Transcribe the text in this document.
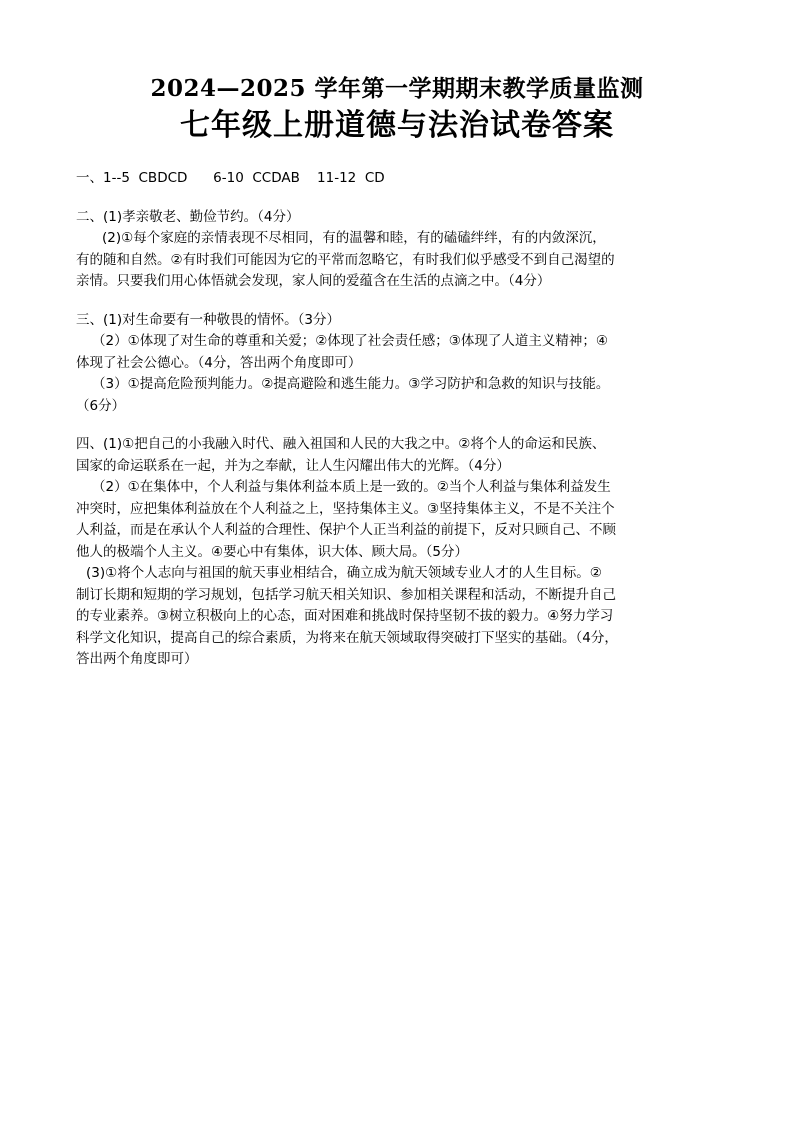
2024—2025 学年第一学期期末教学质量监测
七年级上册道德与法治试卷答案
一、1--5  CBDCD      6-10  CCDAB    11-12  CD
二、(1)孝亲敬老、勤俭节约。（4分）
(2)①每个家庭的亲情表现不尽相同，有的温馨和睦，有的磕磕绊绊，有的内敛深沉，
有的随和自然。②有时我们可能因为它的平常而忽略它，有时我们似乎感受不到自己渴望的
亲情。只要我们用心体悟就会发现，家人间的爱蕴含在生活的点滴之中。（4分）
三、(1)对生命要有一种敬畏的情怀。（3分）
（2）①体现了对生命的尊重和关爱；②体现了社会责任感；③体现了人道主义精神；④
体现了社会公德心。（4分，答出两个角度即可）
（3）①提高危险预判能力。②提高避险和逃生能力。③学习防护和急救的知识与技能。
（6分）
四、(1)①把自己的小我融入时代、融入祖国和人民的大我之中。②将个人的命运和民族、
国家的命运联系在一起，并为之奉献，让人生闪耀出伟大的光辉。（4分）
（2）①在集体中，个人利益与集体利益本质上是一致的。②当个人利益与集体利益发生
冲突时，应把集体利益放在个人利益之上，坚持集体主义。③坚持集体主义，不是不关注个
人利益，而是在承认个人利益的合理性、保护个人正当利益的前提下，反对只顾自己、不顾
他人的极端个人主义。④要心中有集体，识大体、顾大局。（5分）
(3)①将个人志向与祖国的航天事业相结合，确立成为航天领域专业人才的人生目标。②
制订长期和短期的学习规划，包括学习航天相关知识、参加相关课程和活动，不断提升自己
的专业素养。③树立积极向上的心态，面对困难和挑战时保持坚韧不拔的毅力。④努力学习
科学文化知识，提高自己的综合素质，为将来在航天领域取得突破打下坚实的基础。（4分，
答出两个角度即可）
